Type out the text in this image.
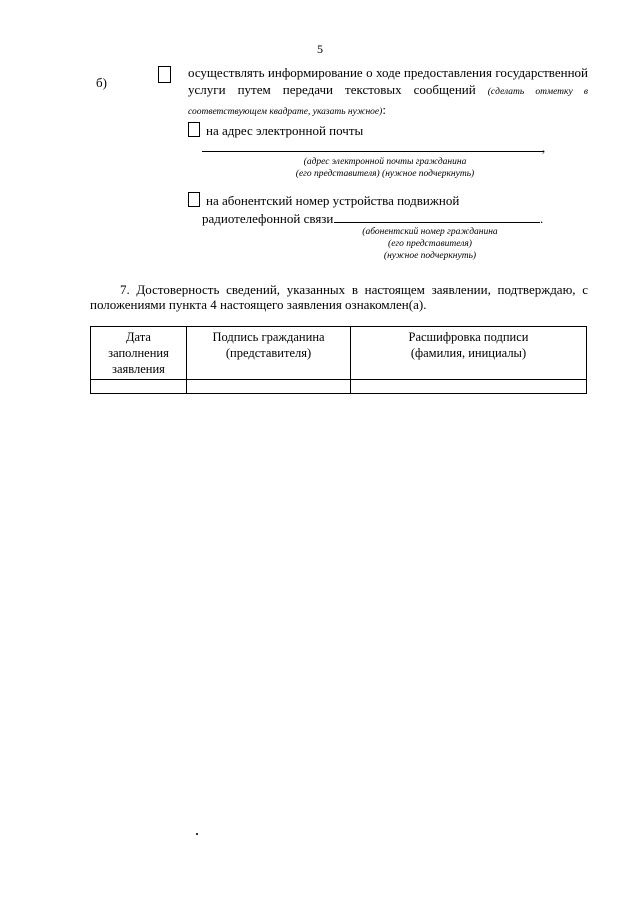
5
б)
осуществлять информирование о ходе предоставления государственной услуги путем передачи текстовых сообщений (сделать отметку в соответствующем квадрате, указать нужное):
на адрес электронной почты
,
(адрес электронной почты гражданина
(его представителя) (нужное подчеркнуть)
на абонентский номер устройства подвижной
радиотелефонной связи	.
(абонентский номер гражданина
(его представителя)
(нужное подчеркнуть)
7. Достоверность сведений, указанных в настоящем заявлении, подтверждаю, с положениями пункта 4 настоящего заявления ознакомлен(а).
Дата
заполнения
заявления	Подпись гражданина
(представителя)	Расшифровка подписи
(фамилия, инициалы)
